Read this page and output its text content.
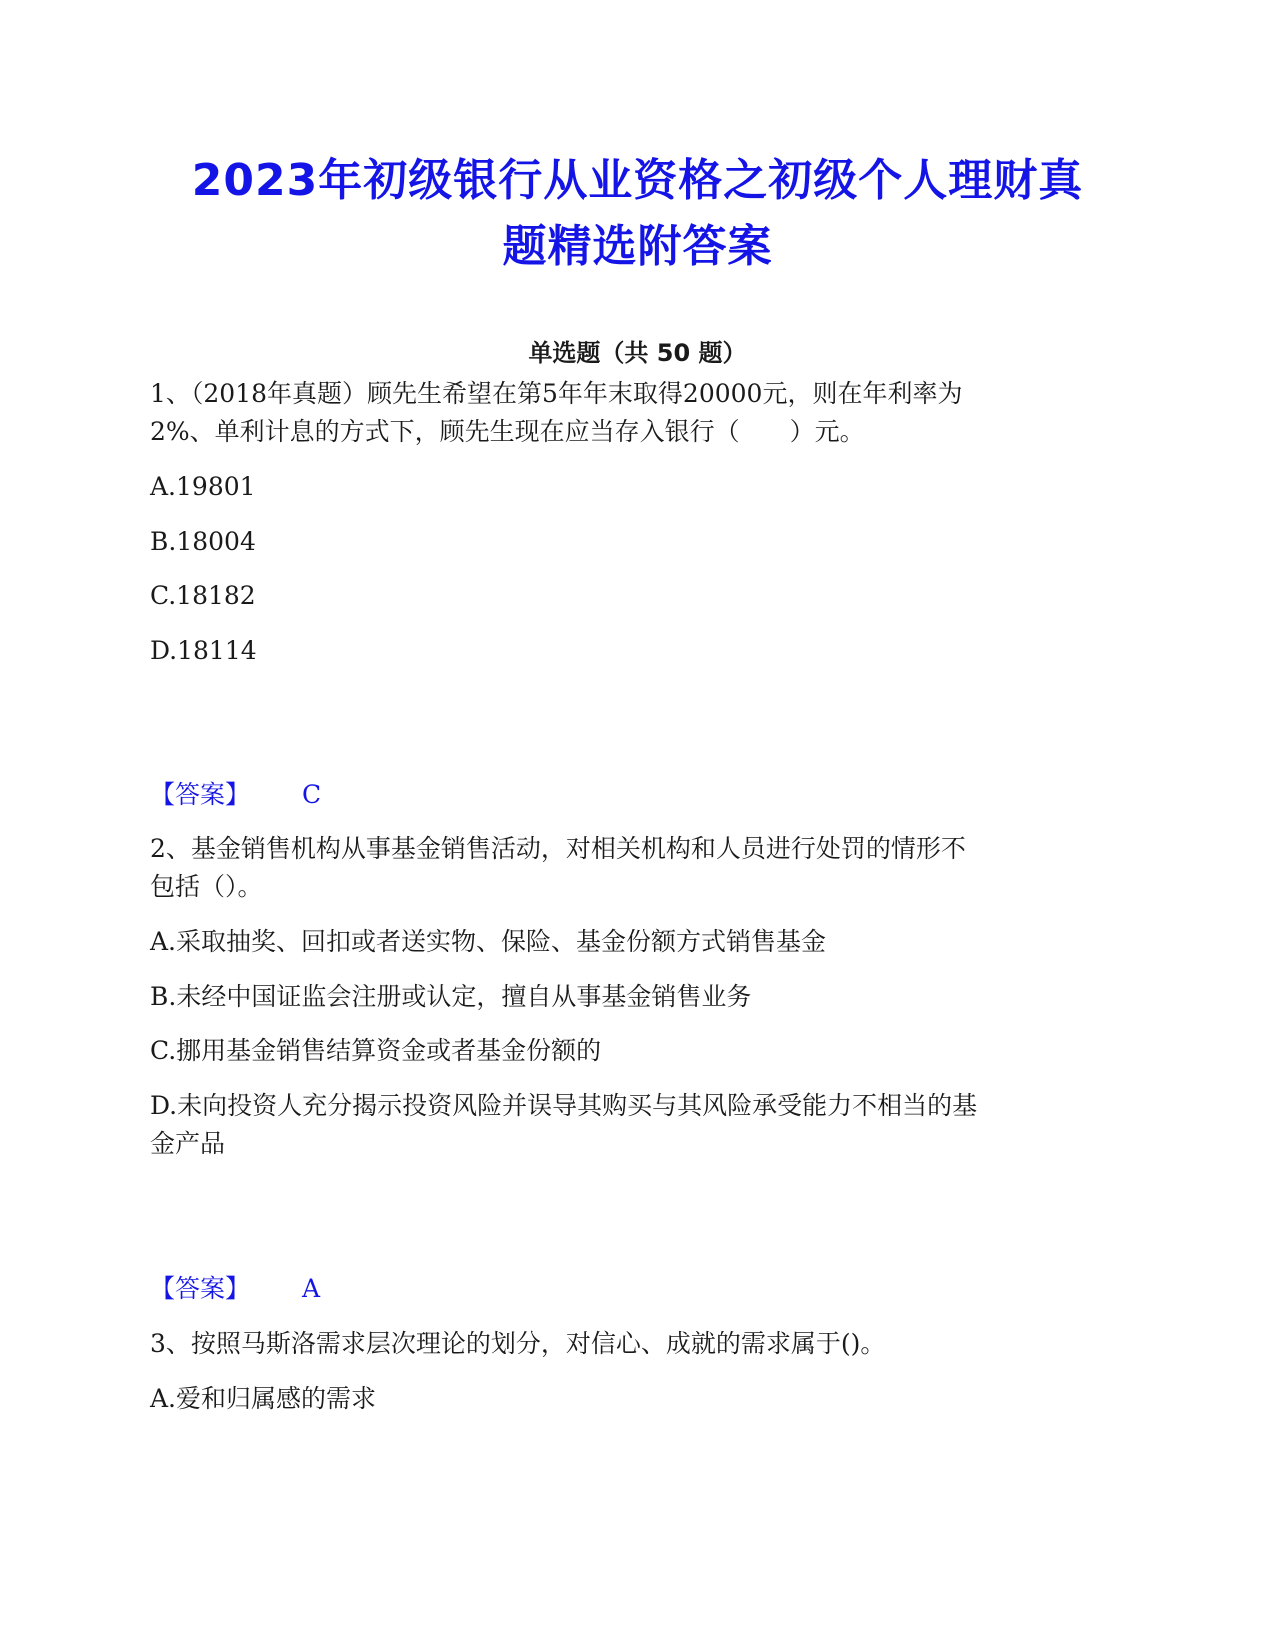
2023年初级银行从业资格之初级个人理财真
题精选附答案
单选题（共 50 题）
1、（2018年真题）顾先生希望在第5年年末取得20000元，则在年利率为
2%、单利计息的方式下，顾先生现在应当存入银行（　　）元。
A.19801
B.18004
C.18182
D.18114
【答案】 C
2、基金销售机构从事基金销售活动，对相关机构和人员进行处罚的情形不
包括（）。
A.采取抽奖、回扣或者送实物、保险、基金份额方式销售基金
B.未经中国证监会注册或认定，擅自从事基金销售业务
C.挪用基金销售结算资金或者基金份额的
D.未向投资人充分揭示投资风险并误导其购买与其风险承受能力不相当的基
金产品
【答案】 A
3、按照马斯洛需求层次理论的划分，对信心、成就的需求属于()。
A.爱和归属感的需求
